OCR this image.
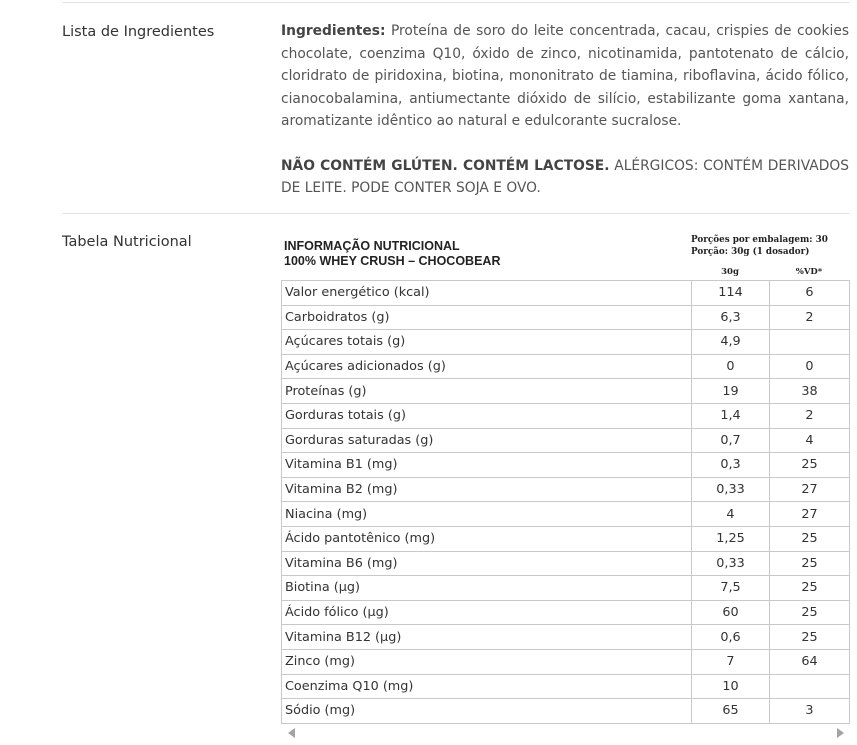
Lista de Ingredientes	Ingredientes: Proteína de soro do leite concentrada, cacau, crispies de cookies chocolate, coenzima Q10, óxido de zinco, nicotinamida, pantotenato de cálcio, cloridrato de piridoxina, biotina, mononitrato de tiamina, riboflavina, ácido fólico, cianocobalamina, antiumectante dióxido de silício, estabilizante goma xantana, aromatizante idêntico ao natural e edulcorante sucralose.

NÃO CONTÉM GLÚTEN. CONTÉM LACTOSE. ALÉRGICOS: CONTÉM DERIVADOS DE LEITE. PODE CONTER SOJA E OVO.

Tabela Nutricional	INFORMAÇÃO NUTRICIONAL
100% WHEY CRUSH – CHOCOBEAR
Porções por embalagem: 30
Porção: 30g (1 dosador)
30g	%VD*
Valor energético (kcal)	114	6
Carboidratos (g)	6,3	2
Açúcares totais (g)	4,9	
Açúcares adicionados (g)	0	0
Proteínas (g)	19	38
Gorduras totais (g)	1,4	2
Gorduras saturadas (g)	0,7	4
Vitamina B1 (mg)	0,3	25
Vitamina B2 (mg)	0,33	27
Niacina (mg)	4	27
Ácido pantotênico (mg)	1,25	25
Vitamina B6 (mg)	0,33	25
Biotina (µg)	7,5	25
Ácido fólico (µg)	60	25
Vitamina B12 (µg)	0,6	25
Zinco (mg)	7	64
Coenzima Q10 (mg)	10	
Sódio (mg)	65	3
